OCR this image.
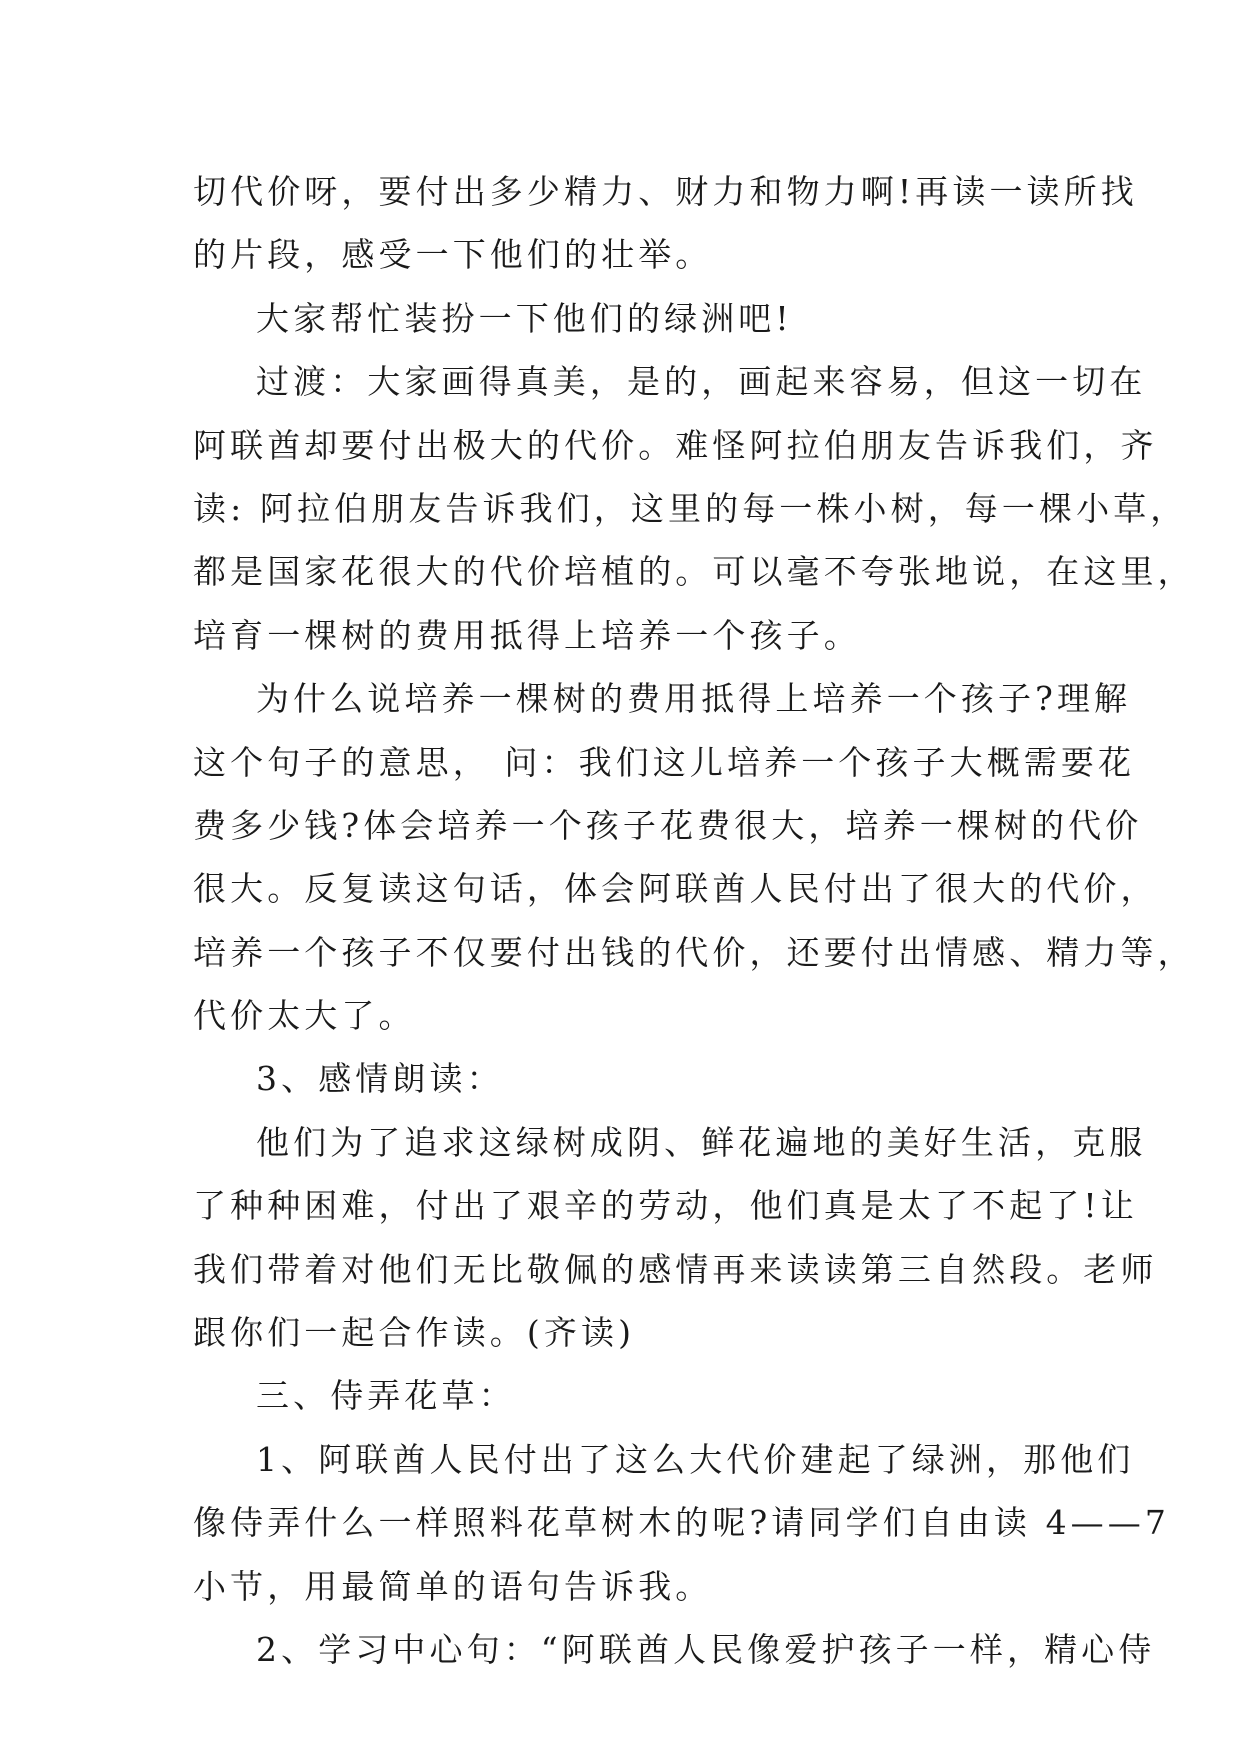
切代价呀，要付出多少精力、财力和物力啊!再读一读所找
的片段，感受一下他们的壮举。
大家帮忙装扮一下他们的绿洲吧!
过渡：大家画得真美，是的，画起来容易，但这一切在
阿联酋却要付出极大的代价。难怪阿拉伯朋友告诉我们，齐
读: 阿拉伯朋友告诉我们，这里的每一株小树，每一棵小草，
都是国家花很大的代价培植的。可以毫不夸张地说，在这里，
培育一棵树的费用抵得上培养一个孩子。
为什么说培养一棵树的费用抵得上培养一个孩子?理解
这个句子的意思， 问：我们这儿培养一个孩子大概需要花
费多少钱?体会培养一个孩子花费很大，培养一棵树的代价
很大。反复读这句话，体会阿联酋人民付出了很大的代价，
培养一个孩子不仅要付出钱的代价，还要付出情感、精力等，
代价太大了。
3、感情朗读：
他们为了追求这绿树成阴、鲜花遍地的美好生活，克服
了种种困难，付出了艰辛的劳动，他们真是太了不起了!让
我们带着对他们无比敬佩的感情再来读读第三自然段。老师
跟你们一起合作读。(齐读)
三、侍弄花草：
1、阿联酋人民付出了这么大代价建起了绿洲，那他们
像侍弄什么一样照料花草树木的呢?请同学们自由读 4——7
小节，用最简单的语句告诉我。
2、学习中心句：“阿联酋人民像爱护孩子一样，精心侍
